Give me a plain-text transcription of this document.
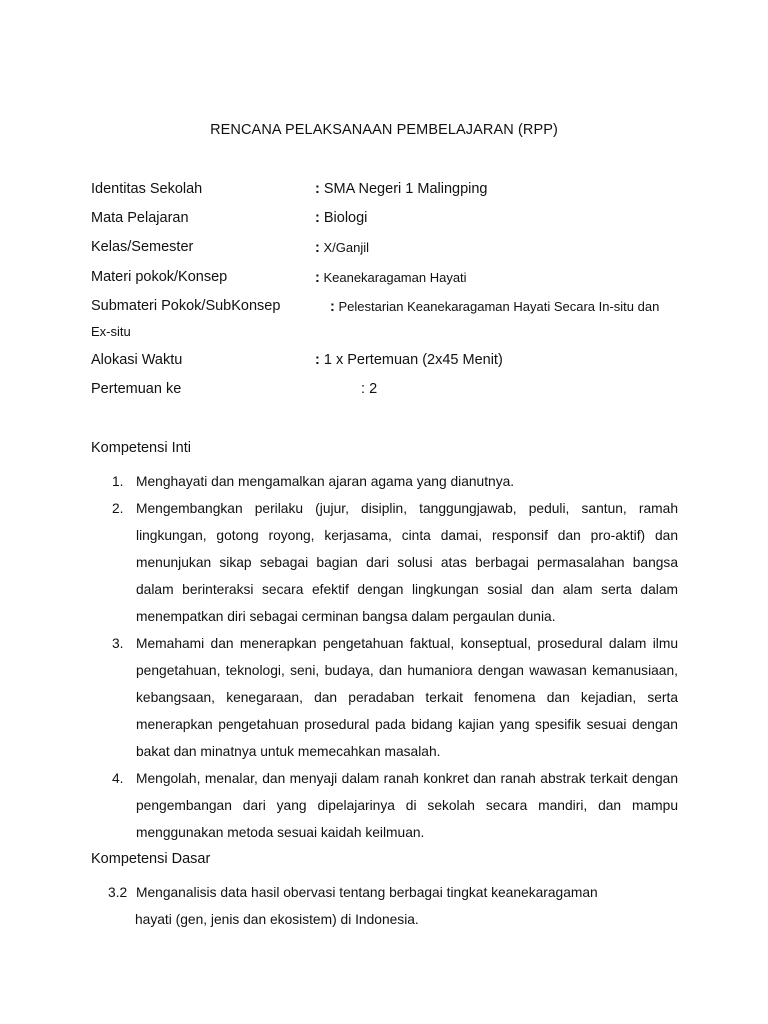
RENCANA PELAKSANAAN PEMBELAJARAN (RPP)
Identitas Sekolah	: SMA Negeri 1 Malingping
Mata Pelajaran	: Biologi
Kelas/Semester	: X/Ganjil
Materi pokok/Konsep	: Keanekaragaman Hayati
Submateri Pokok/SubKonsep	: Pelestarian Keanekaragaman Hayati Secara In-situ dan
Ex-situ
Alokasi Waktu	: 1 x Pertemuan (2x45 Menit)
Pertemuan ke	: 2
Kompetensi Inti
1. Menghayati dan mengamalkan ajaran agama yang dianutnya.
2. Mengembangkan perilaku (jujur, disiplin, tanggungjawab, peduli, santun, ramah lingkungan, gotong royong, kerjasama, cinta damai, responsif dan pro-aktif) dan menunjukan sikap sebagai bagian dari solusi atas berbagai permasalahan bangsa dalam berinteraksi secara efektif dengan lingkungan sosial dan alam serta dalam menempatkan diri sebagai cerminan bangsa dalam pergaulan dunia.
3. Memahami dan menerapkan pengetahuan faktual, konseptual, prosedural dalam ilmu pengetahuan, teknologi, seni, budaya, dan humaniora dengan wawasan kemanusiaan, kebangsaan, kenegaraan, dan peradaban terkait fenomena dan kejadian, serta menerapkan pengetahuan prosedural pada bidang kajian yang spesifik sesuai dengan bakat dan minatnya untuk memecahkan masalah.
4. Mengolah, menalar, dan menyaji dalam ranah konkret dan ranah abstrak terkait dengan pengembangan dari yang dipelajarinya di sekolah secara mandiri, dan mampu menggunakan metoda sesuai kaidah keilmuan.
Kompetensi Dasar
3.2 Menganalisis data hasil obervasi tentang berbagai tingkat keanekaragaman
hayati (gen, jenis dan ekosistem) di Indonesia.
